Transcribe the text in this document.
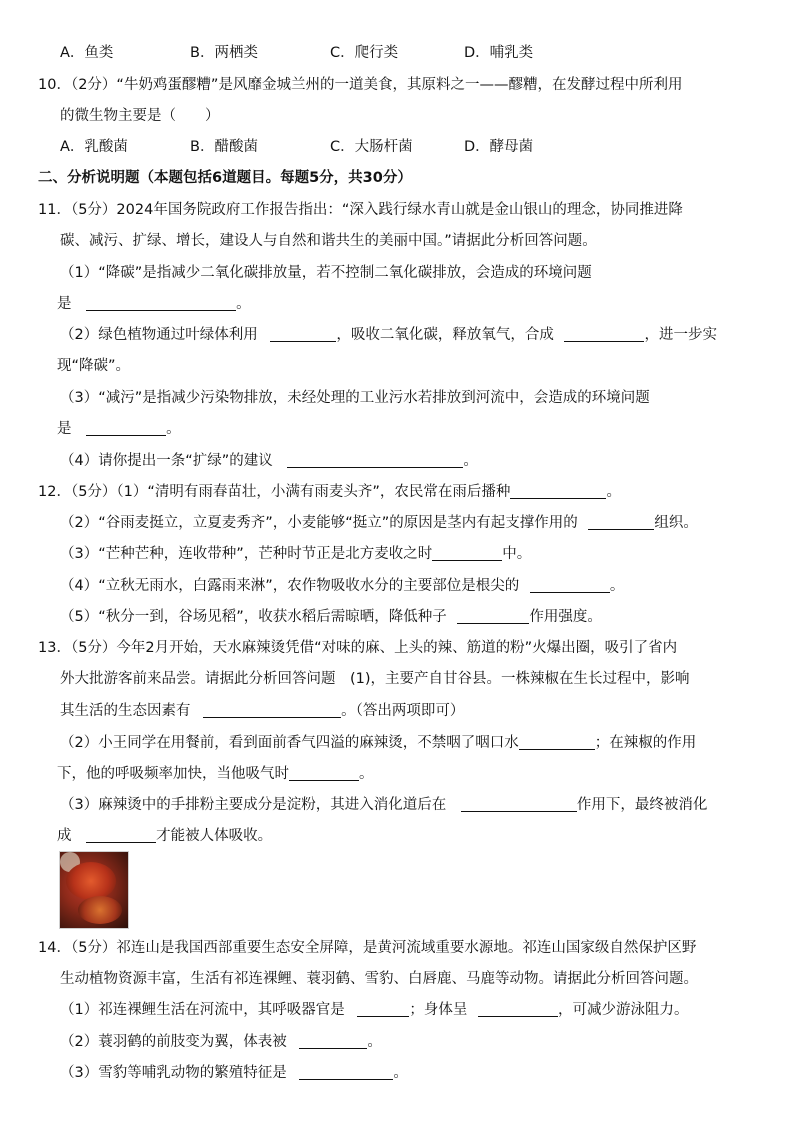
A．鱼类	B．两栖类	C．爬行类	D．哺乳类
10．（2分）“牛奶鸡蛋醪糟”是风靡金城兰州的一道美食，其原料之一——醪糟，在发酵过程中所利用
的微生物主要是（　　）
A．乳酸菌	B．醋酸菌	C．大肠杆菌	D．酵母菌
二、分析说明题（本题包括6道题目。每题5分，共30分）
11．（5分）2024年国务院政府工作报告指出：“深入践行绿水青山就是金山银山的理念，协同推进降
碳、减污、扩绿、增长，建设人与自然和谐共生的美丽中国。”请据此分析回答问题。
（1）“降碳”是指减少二氧化碳排放量，若不控制二氧化碳排放，会造成的环境问题
是	。
（2）绿色植物通过叶绿体利用	，吸收二氧化碳，释放氧气，合成	，进一步实
现“降碳”。
（3）“减污”是指减少污染物排放，未经处理的工业污水若排放到河流中，会造成的环境问题
是	。
（4）请你提出一条“扩绿”的建议	。
12．（5分）（1）“清明有雨春苗壮，小满有雨麦头齐”，农民常在雨后播种	。
（2）“谷雨麦挺立，立夏麦秀齐”，小麦能够“挺立”的原因是茎内有起支撑作用的	组织。
（3）“芒种芒种，连收带种”，芒种时节正是北方麦收之时	中。
（4）“立秋无雨水，白露雨来淋”，农作物吸收水分的主要部位是根尖的	。
（5）“秋分一到，谷场见稻”，收获水稻后需晾晒，降低种子	作用强度。
13．（5分）今年2月开始，天水麻辣烫凭借“对味的麻、上头的辣、筋道的粉”火爆出圈，吸引了省内
外大批游客前来品尝。请据此分析回答问题　(1)，主要产自甘谷县。一株辣椒在生长过程中，影响
其生活的生态因素有	。（答出两项即可）
（2）小王同学在用餐前，看到面前香气四溢的麻辣烫，不禁咽了咽口水	；在辣椒的作用
下，他的呼吸频率加快，当他吸气时	。
（3）麻辣烫中的手排粉主要成分是淀粉，其进入消化道后在	作用下，最终被消化
成	才能被人体吸收。
14．（5分）祁连山是我国西部重要生态安全屏障，是黄河流域重要水源地。祁连山国家级自然保护区野
生动植物资源丰富，生活有祁连裸鲤、蓑羽鹤、雪豹、白唇鹿、马鹿等动物。请据此分析回答问题。
（1）祁连裸鲤生活在河流中，其呼吸器官是	；身体呈	，可减少游泳阻力。
（2）蓑羽鹤的前肢变为翼，体表被	。
（3）雪豹等哺乳动物的繁殖特征是	。
